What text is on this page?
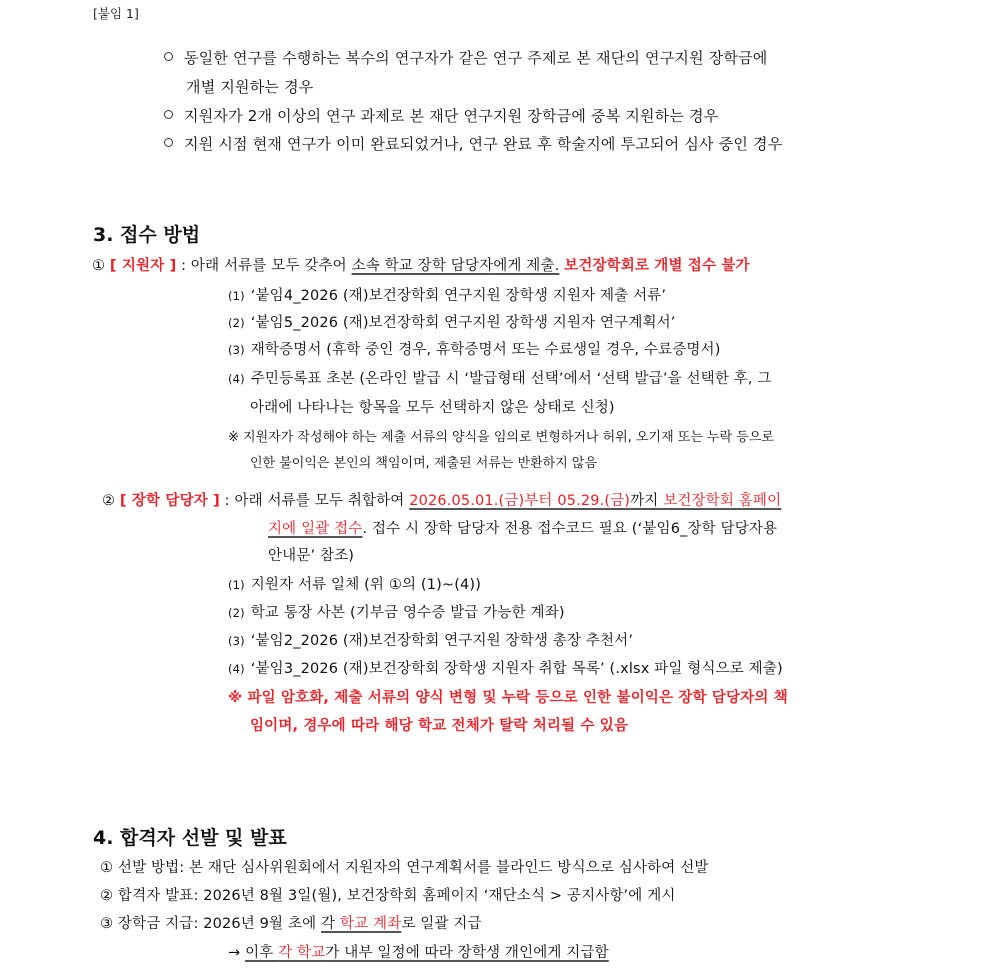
[붙임 1]
동일한 연구를 수행하는 복수의 연구자가 같은 연구 주제로 본 재단의 연구지원 장학금에
개별 지원하는 경우
지원자가 2개 이상의 연구 과제로 본 재단 연구지원 장학금에 중복 지원하는 경우
지원 시점 현재 연구가 이미 완료되었거나, 연구 완료 후 학술지에 투고되어 심사 중인 경우
3. 접수 방법
① [ 지원자 ] : 아래 서류를 모두 갖추어 소속 학교 장학 담당자에게 제출. 보건장학회로 개별 접수 불가
(1) ‘붙임4_2026 (재)보건장학회 연구지원 장학생 지원자 제출 서류’
(2) ‘붙임5_2026 (재)보건장학회 연구지원 장학생 지원자 연구계획서’
(3) 재학증명서 (휴학 중인 경우, 휴학증명서 또는 수료생일 경우, 수료증명서)
(4) 주민등록표 초본 (온라인 발급 시 ‘발급형태 선택’에서 ‘선택 발급’을 선택한 후, 그
아래에 나타나는 항목을 모두 선택하지 않은 상태로 신청)
※ 지원자가 작성해야 하는 제출 서류의 양식을 임의로 변형하거나 허위, 오기재 또는 누락 등으로
인한 불이익은 본인의 책임이며, 제출된 서류는 반환하지 않음
② [ 장학 담당자 ] : 아래 서류를 모두 취합하여 2026.05.01.(금)부터 05.29.(금)까지 보건장학회 홈페이
지에 일괄 접수. 접수 시 장학 담당자 전용 접수코드 필요 (‘붙임6_장학 담당자용
안내문’ 참조)
(1) 지원자 서류 일체 (위 ①의 (1)~(4))
(2) 학교 통장 사본 (기부금 영수증 발급 가능한 계좌)
(3) ‘붙임2_2026 (재)보건장학회 연구지원 장학생 총장 추천서’
(4) ‘붙임3_2026 (재)보건장학회 장학생 지원자 취합 목록’ (.xlsx 파일 형식으로 제출)
※ 파일 암호화, 제출 서류의 양식 변형 및 누락 등으로 인한 불이익은 장학 담당자의 책
임이며, 경우에 따라 해당 학교 전체가 탈락 처리될 수 있음
4. 합격자 선발 및 발표
① 선발 방법: 본 재단 심사위원회에서 지원자의 연구계획서를 블라인드 방식으로 심사하여 선발
② 합격자 발표: 2026년 8월 3일(월), 보건장학회 홈페이지 ‘재단소식 > 공지사항’에 게시
③ 장학금 지급: 2026년 9월 초에 각 학교 계좌로 일괄 지급
→ 이후 각 학교가 내부 일정에 따라 장학생 개인에게 지급함
